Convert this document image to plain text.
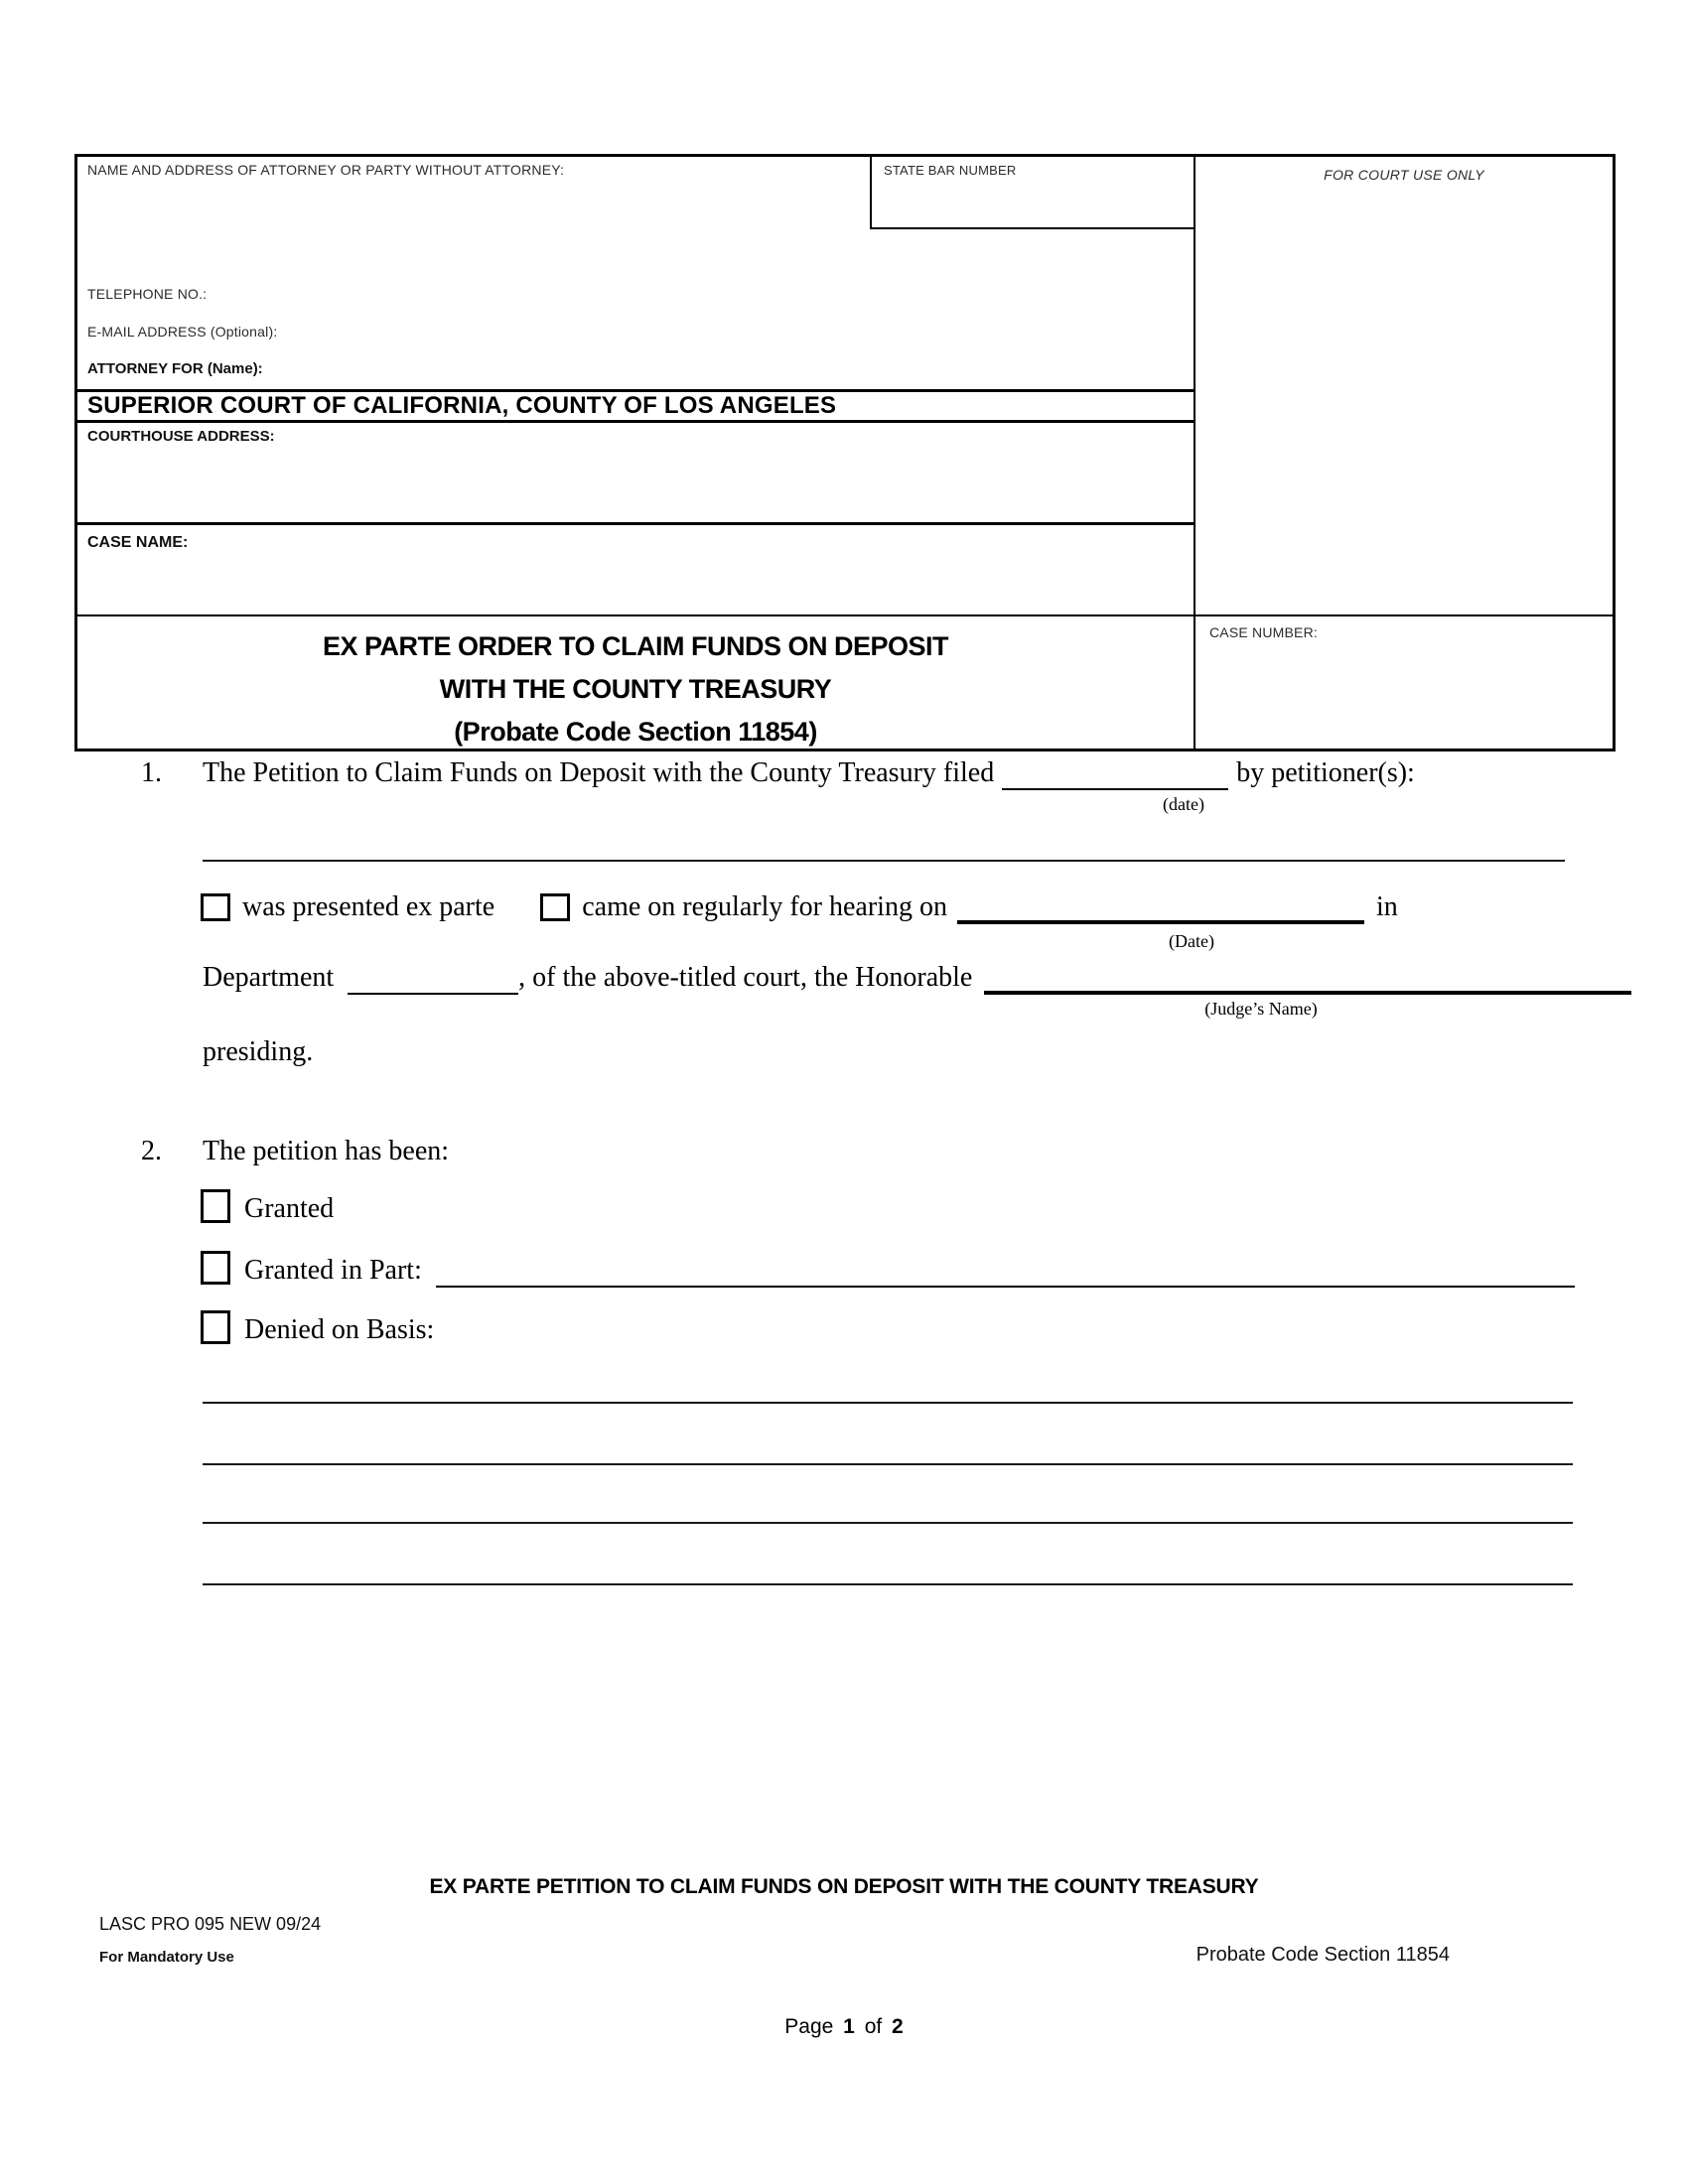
NAME AND ADDRESS OF ATTORNEY OR PARTY WITHOUT ATTORNEY:	STATE BAR NUMBER	FOR COURT USE ONLY
CASE NUMBER:
TELEPHONE NO.:
E-MAIL ADDRESS (Optional):
ATTORNEY FOR (Name):
SUPERIOR COURT OF CALIFORNIA, COUNTY OF LOS ANGELES
COURTHOUSE ADDRESS:
CASE NAME:
EX PARTE ORDER TO CLAIM FUNDS ON DEPOSIT
WITH THE COUNTY TREASURY
(Probate Code Section 11854)
1. The Petition to Claim Funds on Deposit with the County Treasury filed	by petitioner(s):
(date)
was presented ex parte	came on regularly for hearing on	in
(Date)
Department	, of the above-titled court, the Honorable
(Judge’s Name)
presiding.
2. The petition has been:
Granted
Granted in Part:
Denied on Basis:
EX PARTE PETITION TO CLAIM FUNDS ON DEPOSIT WITH THE COUNTY TREASURY
LASC PRO 095 NEW 09/24
For Mandatory Use	Probate Code Section 11854
Page 1 of 2
